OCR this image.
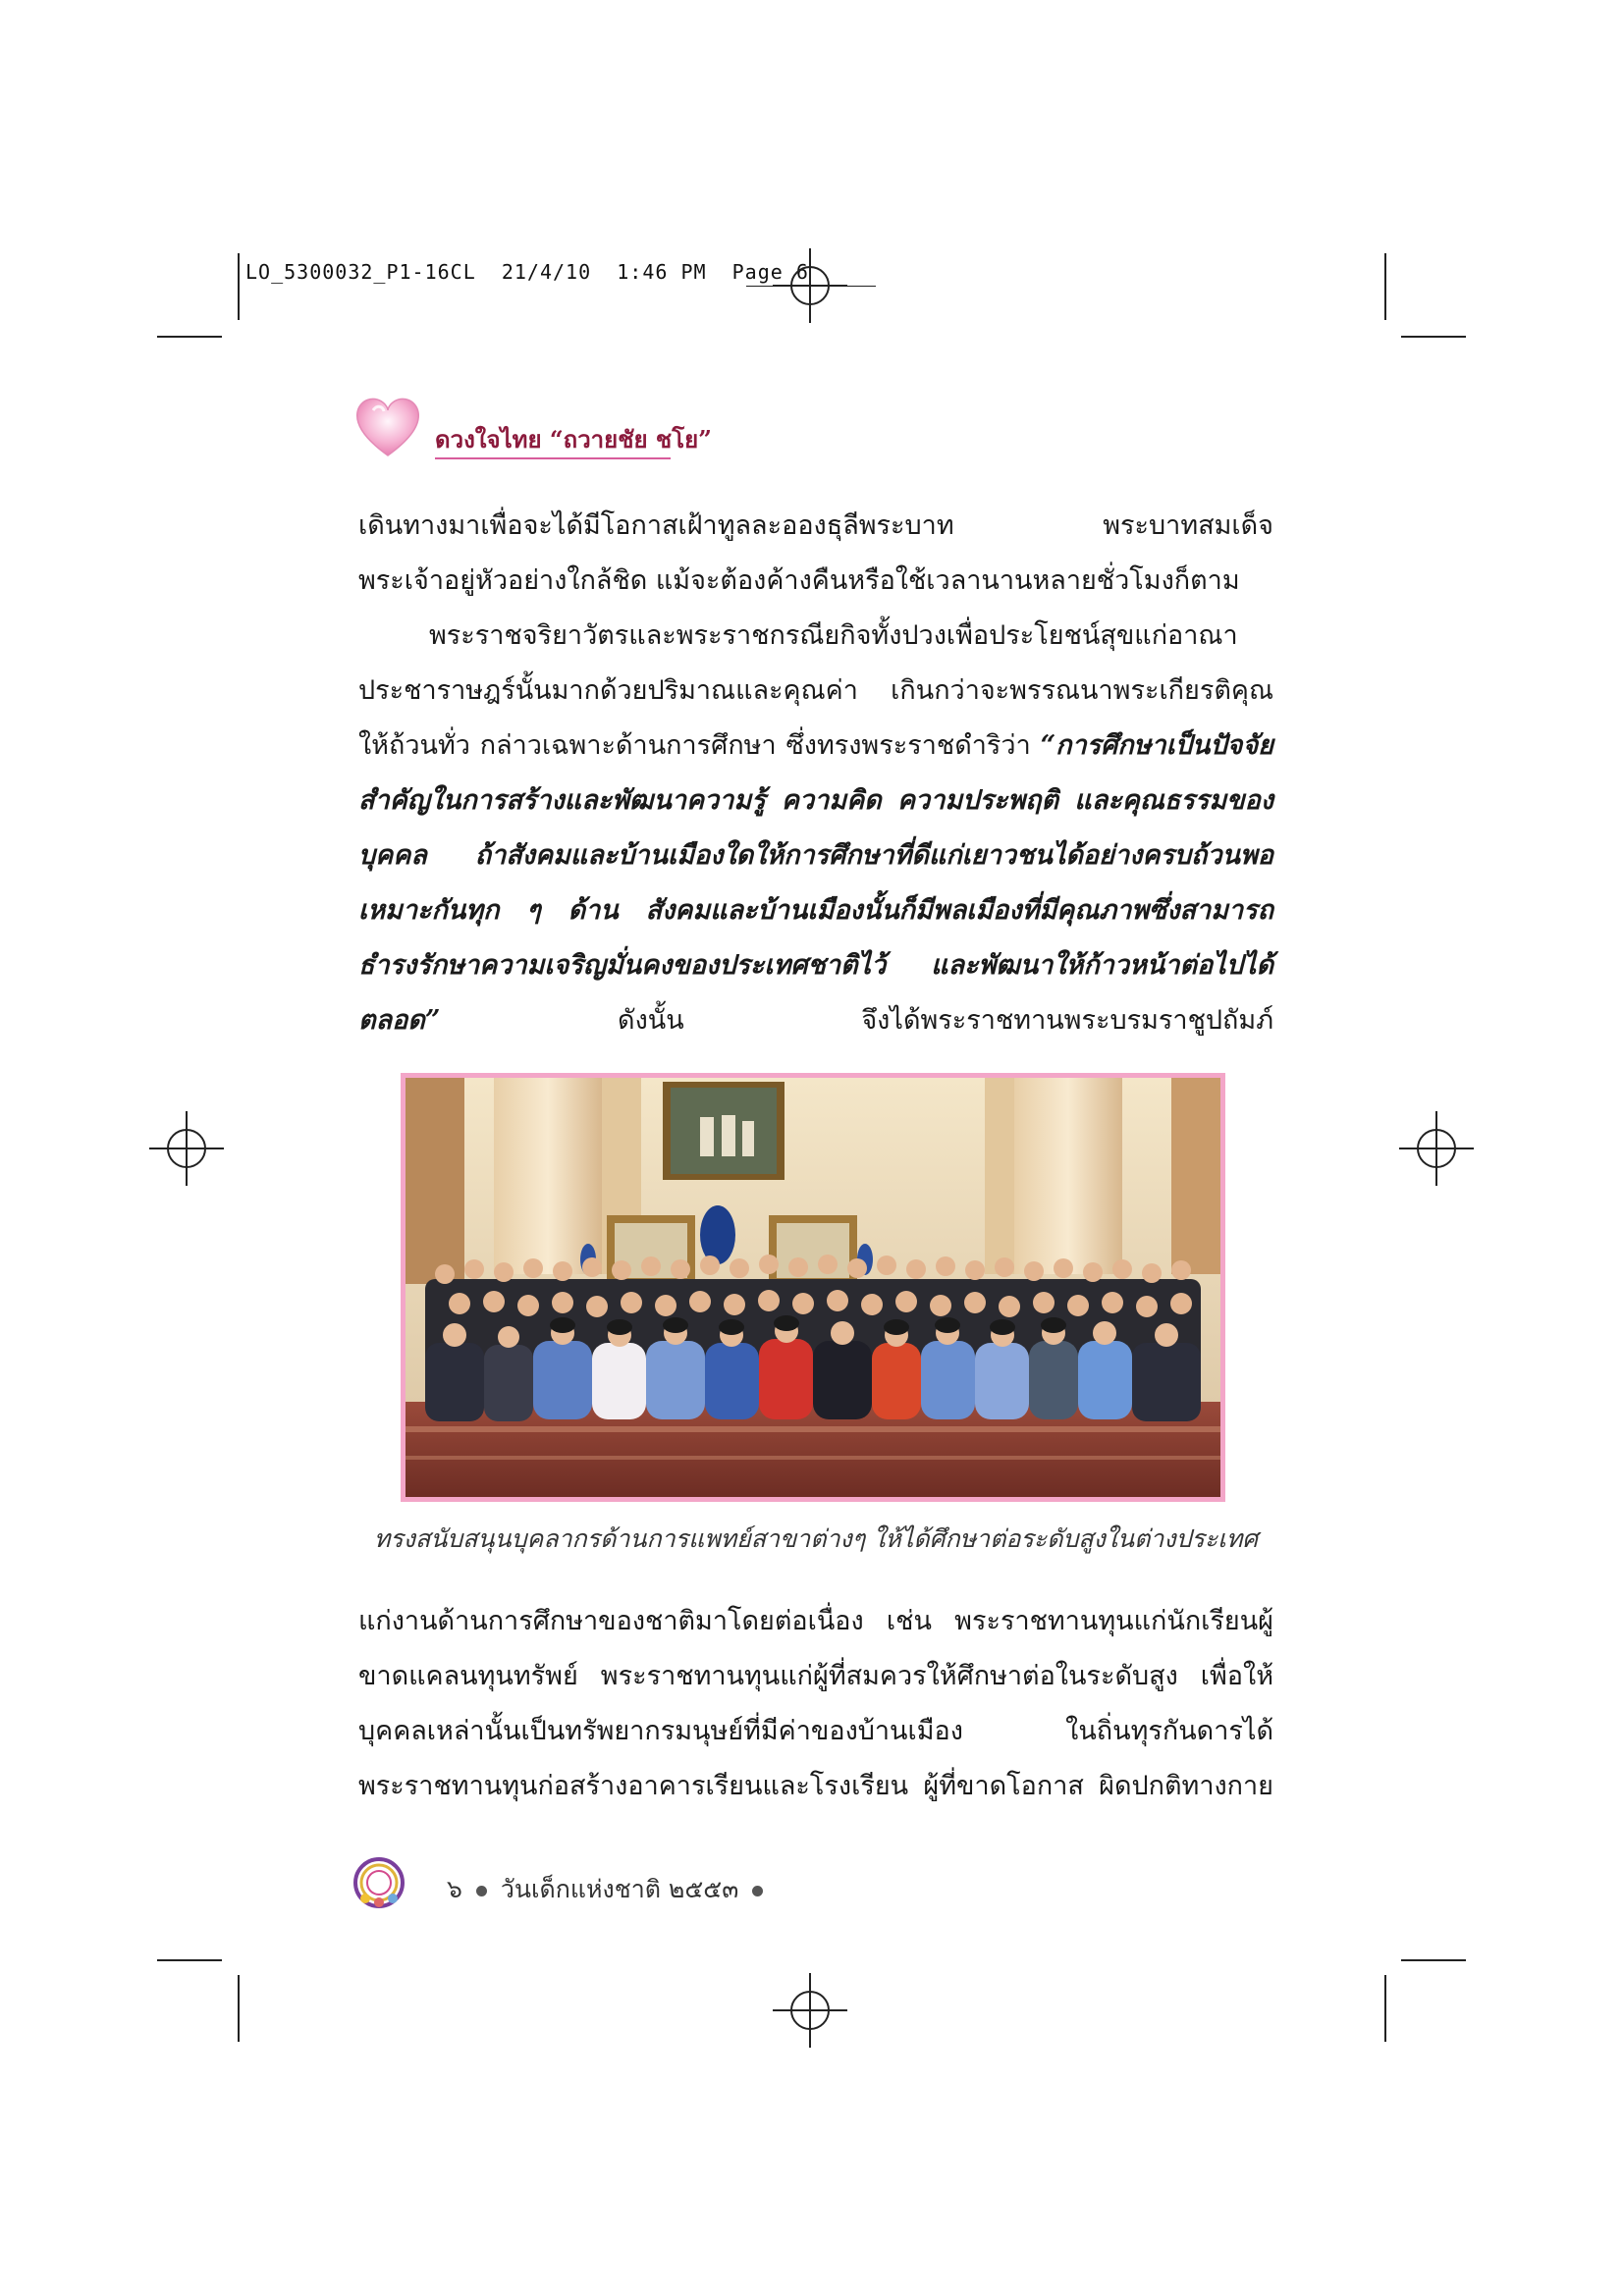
LO_5300032_P1-16CL 21/4/10 1:46 PM Page 6
ดวงใจไทย “ถวายชัย ชโย”
เดินทางมาเพื่อจะได้มีโอกาสเฝ้าทูลละอองธุลีพระบาท พระบาทสมเด็จพระเจ้าอยู่หัวอย่างใกล้ชิด แม้จะต้องค้างคืนหรือใช้เวลานานหลายชั่วโมงก็ตาม
พระราชจริยาวัตรและพระราชกรณียกิจทั้งปวงเพื่อประโยชน์สุขแก่อาณาประชาราษฎร์นั้นมากด้วยปริมาณและคุณค่า เกินกว่าจะพรรณนาพระเกียรติคุณให้ถ้วนทั่ว กล่าวเฉพาะด้านการศึกษา ซึ่งทรงพระราชดำริว่า “การศึกษาเป็นปัจจัยสำคัญในการสร้างและพัฒนาความรู้ ความคิด ความประพฤติ และคุณธรรมของบุคคล ถ้าสังคมและบ้านเมืองใดให้การศึกษาที่ดีแก่เยาวชนได้อย่างครบถ้วนพอเหมาะกันทุก ๆ ด้าน สังคมและบ้านเมืองนั้นก็มีพลเมืองที่มีคุณภาพซึ่งสามารถธำรงรักษาความเจริญมั่นคงของประเทศชาติไว้ และพัฒนาให้ก้าวหน้าต่อไปได้ตลอด” ดังนั้น จึงได้พระราชทานพระบรมราชูปถัมภ์
ทรงสนับสนุนบุคลากรด้านการแพทย์สาขาต่างๆ ให้ได้ศึกษาต่อระดับสูงในต่างประเทศ
แก่งานด้านการศึกษาของชาติมาโดยต่อเนื่อง เช่น พระราชทานทุนแก่นักเรียนผู้ขาดแคลนทุนทรัพย์ พระราชทานทุนแก่ผู้ที่สมควรให้ศึกษาต่อในระดับสูง เพื่อให้บุคคลเหล่านั้นเป็นทรัพยากรมนุษย์ที่มีค่าของบ้านเมือง ในถิ่นทุรกันดารได้พระราชทานทุนก่อสร้างอาคารเรียนและโรงเรียน ผู้ที่ขาดโอกาส ผิดปกติทางกาย
๖ วันเด็กแห่งชาติ ๒๕๕๓
